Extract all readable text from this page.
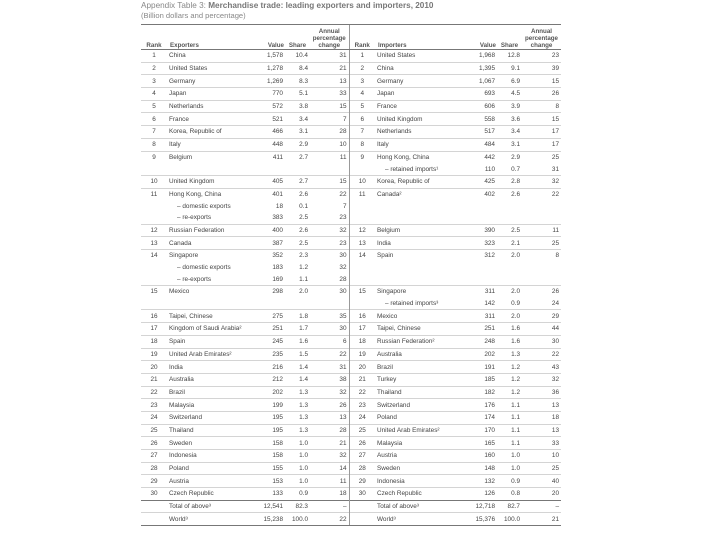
Appendix Table 3: Merchandise trade: leading exporters and importers, 2010
(Billion dollars and percentage)
Rank	Exporters	Value	Share	Annual
percentage
change	Rank	Importers	Value	Share	Annual
percentage
change
1	China	1,578	10.4	31	1	United States	1,968	12.8	23
2	United States	1,278	8.4	21	2	China	1,395	9.1	39
3	Germany	1,269	8.3	13	3	Germany	1,067	6.9	15
4	Japan	770	5.1	33	4	Japan	693	4.5	26
5	Netherlands	572	3.8	15	5	France	606	3.9	8
6	France	521	3.4	7	6	United Kingdom	558	3.6	15
7	Korea, Republic of	466	3.1	28	7	Netherlands	517	3.4	17
8	Italy	448	2.9	10	8	Italy	484	3.1	17
9	Belgium	411	2.7	11	9	Hong Kong, China	442	2.9	25
						– retained imports¹	110	0.7	31
10	United Kingdom	405	2.7	15	10	Korea, Republic of	425	2.8	32
11	Hong Kong, China	401	2.6	22	11	Canada²	402	2.6	22
	– domestic exports	18	0.1	7					
	– re-exports	383	2.5	23					
12	Russian Federation	400	2.6	32	12	Belgium	390	2.5	11
13	Canada	387	2.5	23	13	India	323	2.1	25
14	Singapore	352	2.3	30	14	Spain	312	2.0	8
	– domestic exports	183	1.2	32					
	– re-exports	169	1.1	28					
15	Mexico	298	2.0	30	15	Singapore	311	2.0	26
						– retained imports³	142	0.9	24
16	Taipei, Chinese	275	1.8	35	16	Mexico	311	2.0	29
17	Kingdom of Saudi Arabia²	251	1.7	30	17	Taipei, Chinese	251	1.6	44
18	Spain	245	1.6	6	18	Russian Federation²	248	1.6	30
19	United Arab Emirates²	235	1.5	22	19	Australia	202	1.3	22
20	India	216	1.4	31	20	Brazil	191	1.2	43
21	Australia	212	1.4	38	21	Turkey	185	1.2	32
22	Brazil	202	1.3	32	22	Thailand	182	1.2	36
23	Malaysia	199	1.3	26	23	Switzerland	176	1.1	13
24	Switzerland	195	1.3	13	24	Poland	174	1.1	18
25	Thailand	195	1.3	28	25	United Arab Emirates²	170	1.1	13
26	Sweden	158	1.0	21	26	Malaysia	165	1.1	33
27	Indonesia	158	1.0	32	27	Austria	160	1.0	10
28	Poland	155	1.0	14	28	Sweden	148	1.0	25
29	Austria	153	1.0	11	29	Indonesia	132	0.9	40
30	Czech Republic	133	0.9	18	30	Czech Republic	126	0.8	20
	Total of above³	12,541	82.3	–		Total of above³	12,718	82.7	–
	World³	15,238	100.0	22		World³	15,376	100.0	21
